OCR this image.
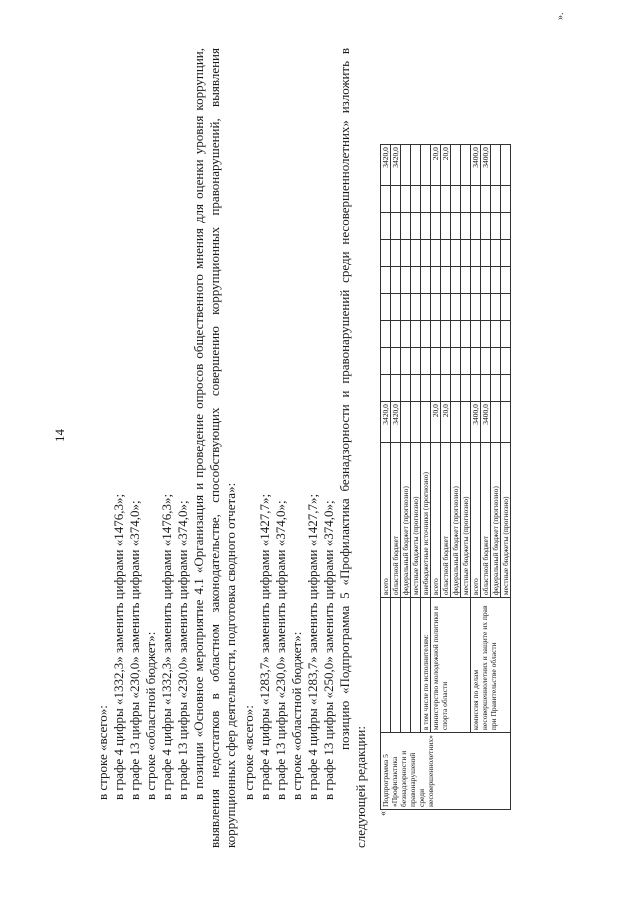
14
в строке «всего»: в графе 4 цифры «1332,3» заменить цифрами «1476,3»; в графе 13 цифры «230,0» заменить цифрами «374,0»; в строке «областной бюджет»: в графе 4 цифры «1332,3» заменить цифрами «1476,3»; в графе 13 цифры «230,0» заменить цифрами «374,0»; в позиции «Основное мероприятие 4.1 «Организация и проведение опросов общественного мнения для оценки уровня коррупции, выявления недостатков в областном законодательстве, способствующих совершению коррупционных правонарушений, выявления коррупционных сфер деятельности, подготовка сводного отчета»: в строке «всего»: в графе 4 цифры «1283,7» заменить цифрами «1427,7»; в графе 13 цифры «230,0» заменить цифрами «374,0»; в строке «областной бюджет»: в графе 4 цифры «1283,7» заменить цифрами «1427,7»; в графе 13 цифры «250,0» заменить цифрами «374,0»; позицию «Подпрограмма 5 «Профилактика безнадзорности и правонарушений среди несовершеннолетних» изложить в следующей редакции: «
».
Подпрограмма 5 «Профилактика безнадзорности и правонарушений среди несовершеннолетних»		всего	3420,0									3420,0
		областной бюджет	3420,0									3420,0
		федеральный бюджет (прогнозно)										
		местные бюджеты (прогнозно)										
	в том числе по исполнителям:	внебюджетные источники (прогнозно)										
	министерство молодежной политики и спорта области	всего	20,0									20,0
		областной бюджет	20,0									20,0
		федеральный бюджет (прогнозно)										
		местные бюджеты (прогнозно)										
	комиссия по делам несовершеннолетних и защите их прав при Правительстве области	всего	3400,0									3400,0
		областной бюджет	3400,0									3400,0
		федеральный бюджет (прогнозно)										
		местные бюджеты (прогнозно)										
